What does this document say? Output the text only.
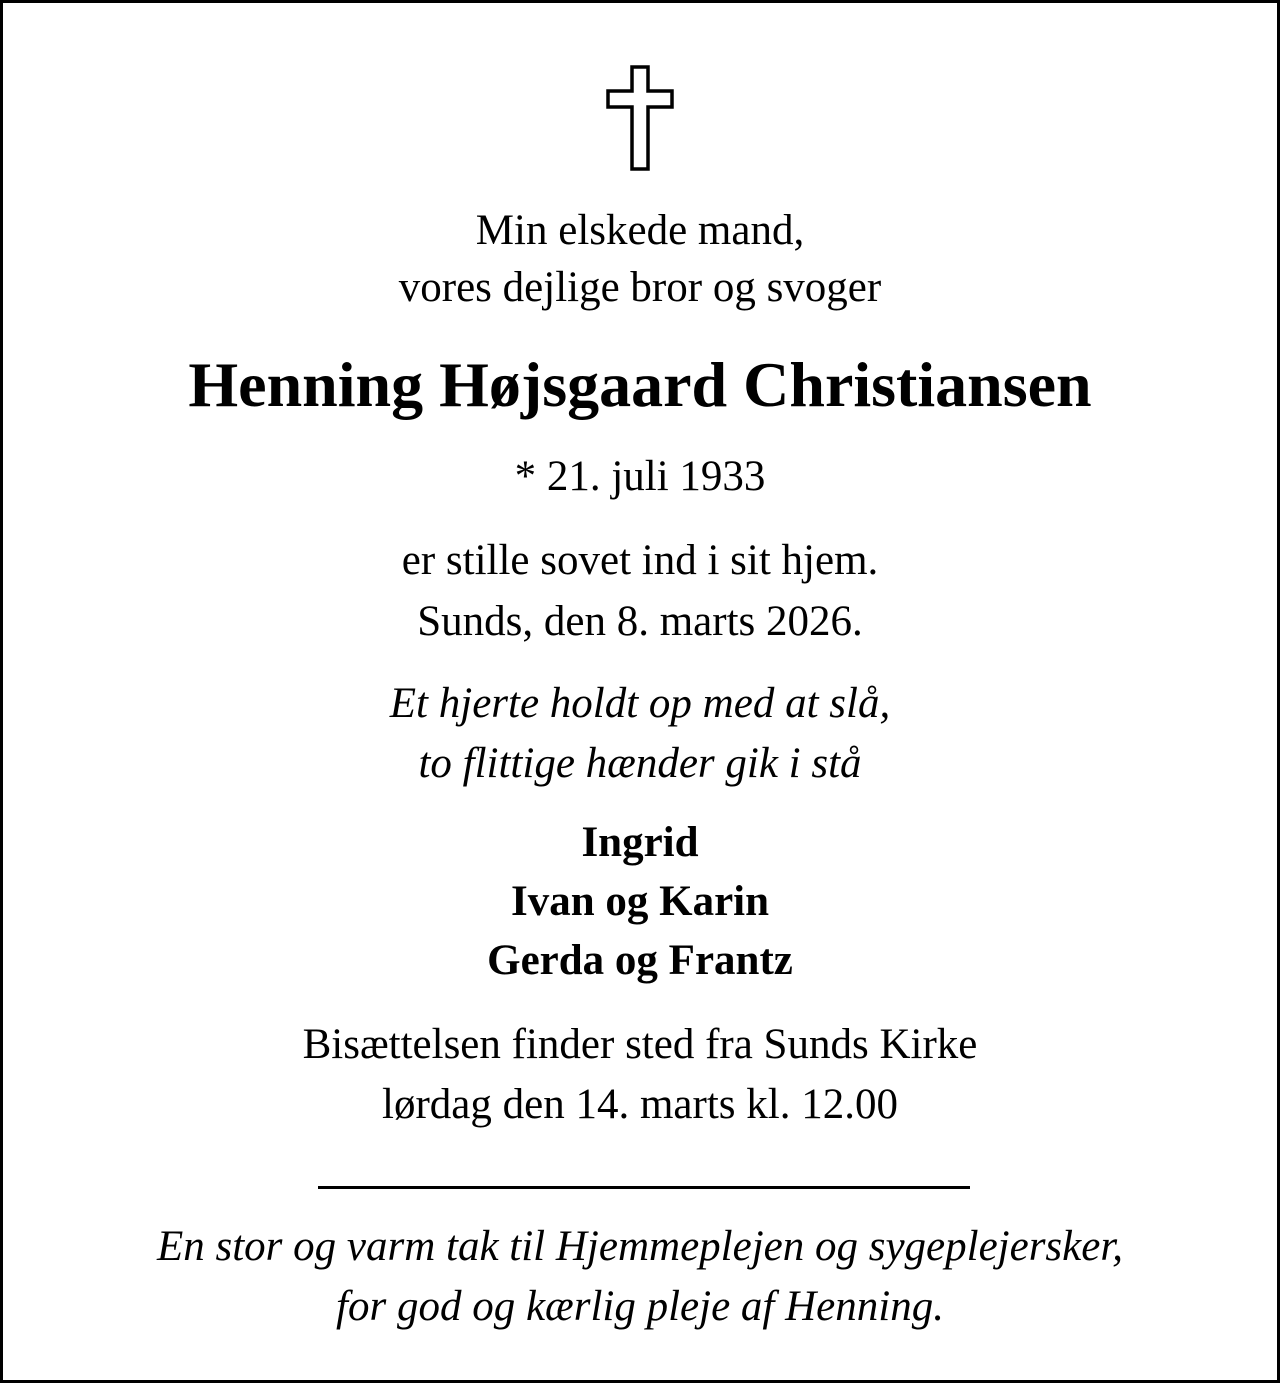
Min elskede mand,
vores dejlige bror og svoger
Henning Højsgaard Christiansen
* 21. juli 1933
er stille sovet ind i sit hjem.
Sunds, den 8. marts 2026.
Et hjerte holdt op med at slå,
to flittige hænder gik i stå
Ingrid
Ivan og Karin
Gerda og Frantz
Bisættelsen finder sted fra Sunds Kirke
lørdag den 14. marts kl. 12.00
En stor og varm tak til Hjemmeplejen og sygeplejersker,
for god og kærlig pleje af Henning.
